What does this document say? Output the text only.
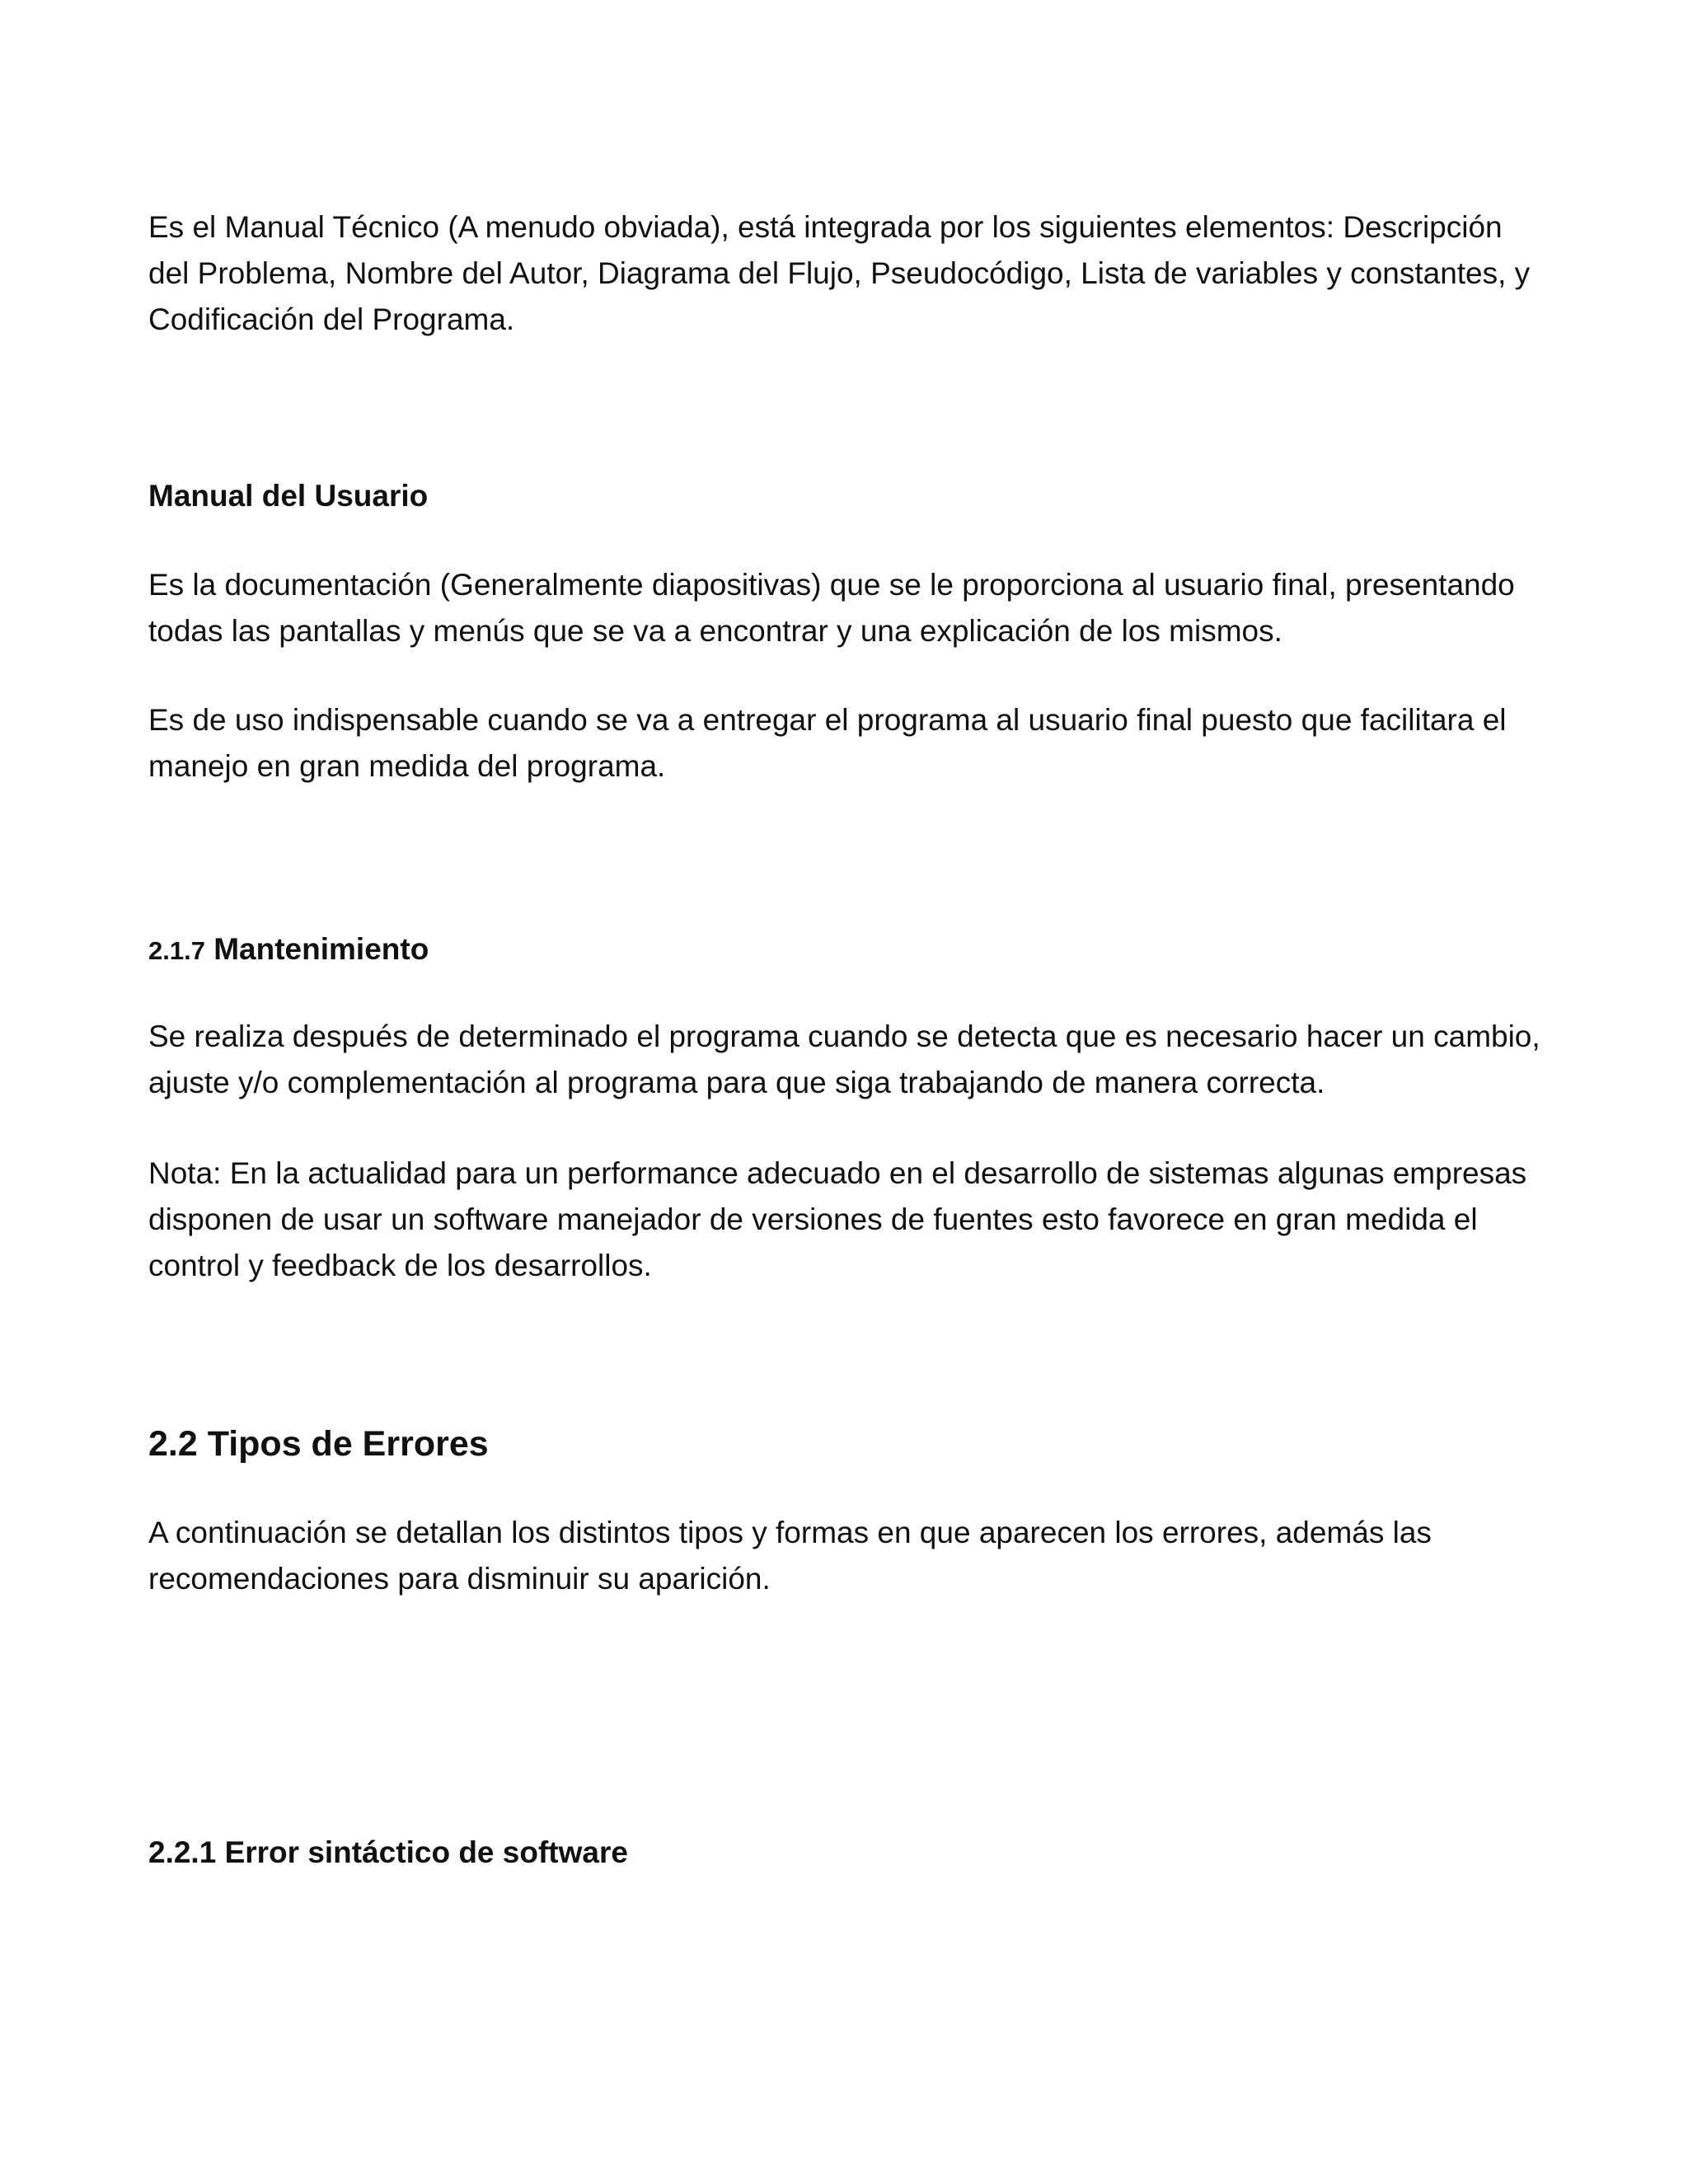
Es el Manual Técnico (A menudo obviada), está integrada por los siguientes elementos: Descripción
del Problema, Nombre del Autor, Diagrama del Flujo, Pseudocódigo, Lista de variables y constantes, y
Codificación del Programa.

Manual del Usuario

Es la documentación (Generalmente diapositivas) que se le proporciona al usuario final, presentando
todas las pantallas y menús que se va a encontrar y una explicación de los mismos.

Es de uso indispensable cuando se va a entregar el programa al usuario final puesto que facilitara el
manejo en gran medida del programa.

2.1.7 Mantenimiento

Se realiza después de determinado el programa cuando se detecta que es necesario hacer un cambio,
ajuste y/o complementación al programa para que siga trabajando de manera correcta.

Nota: En la actualidad para un performance adecuado en el desarrollo de sistemas algunas empresas
disponen de usar un software manejador de versiones de fuentes esto favorece en gran medida el
control y feedback de los desarrollos.

2.2 Tipos de Errores

A continuación se detallan los distintos tipos y formas en que aparecen los errores, además las
recomendaciones para disminuir su aparición.

2.2.1 Error sintáctico de software
